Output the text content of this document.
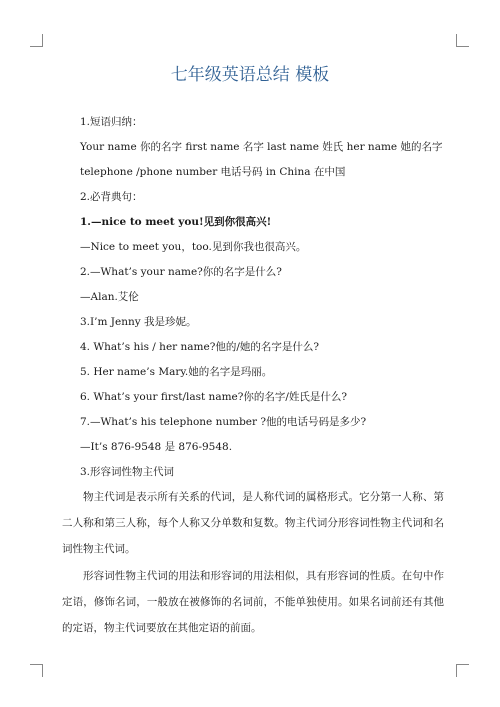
七年级英语总结 模板
1.短语归纳：
Your name 你的名字 first name 名字 last name 姓氏 her name 她的名字
telephone /phone number 电话号码 in China 在中国
2.必背典句：
1.—nice to meet you!见到你很高兴!
—Nice to meet you，too.见到你我也很高兴。
2.—What’s your name?你的名字是什么?
—Alan.艾伦
3.I’m Jenny 我是珍妮。
4. What’s his / her name?他的/她的名字是什么?
5. Her name’s Mary.她的名字是玛丽。
6. What’s your first/last name?你的名字/姓氏是什么?
7.—What’s his telephone number ?他的电话号码是多少?
—It’s 876-9548 是 876-9548.
3.形容词性物主代词
物主代词是表示所有关系的代词，是人称代词的属格形式。它分第一人称、第二人称和第三人称，每个人称又分单数和复数。物主代词分形容词性物主代词和名词性物主代词。
形容词性物主代词的用法和形容词的用法相似，具有形容词的性质。在句中作定语，修饰名词，一般放在被修饰的名词前，不能单独使用。如果名词前还有其他的定语，物主代词要放在其他定语的前面。
